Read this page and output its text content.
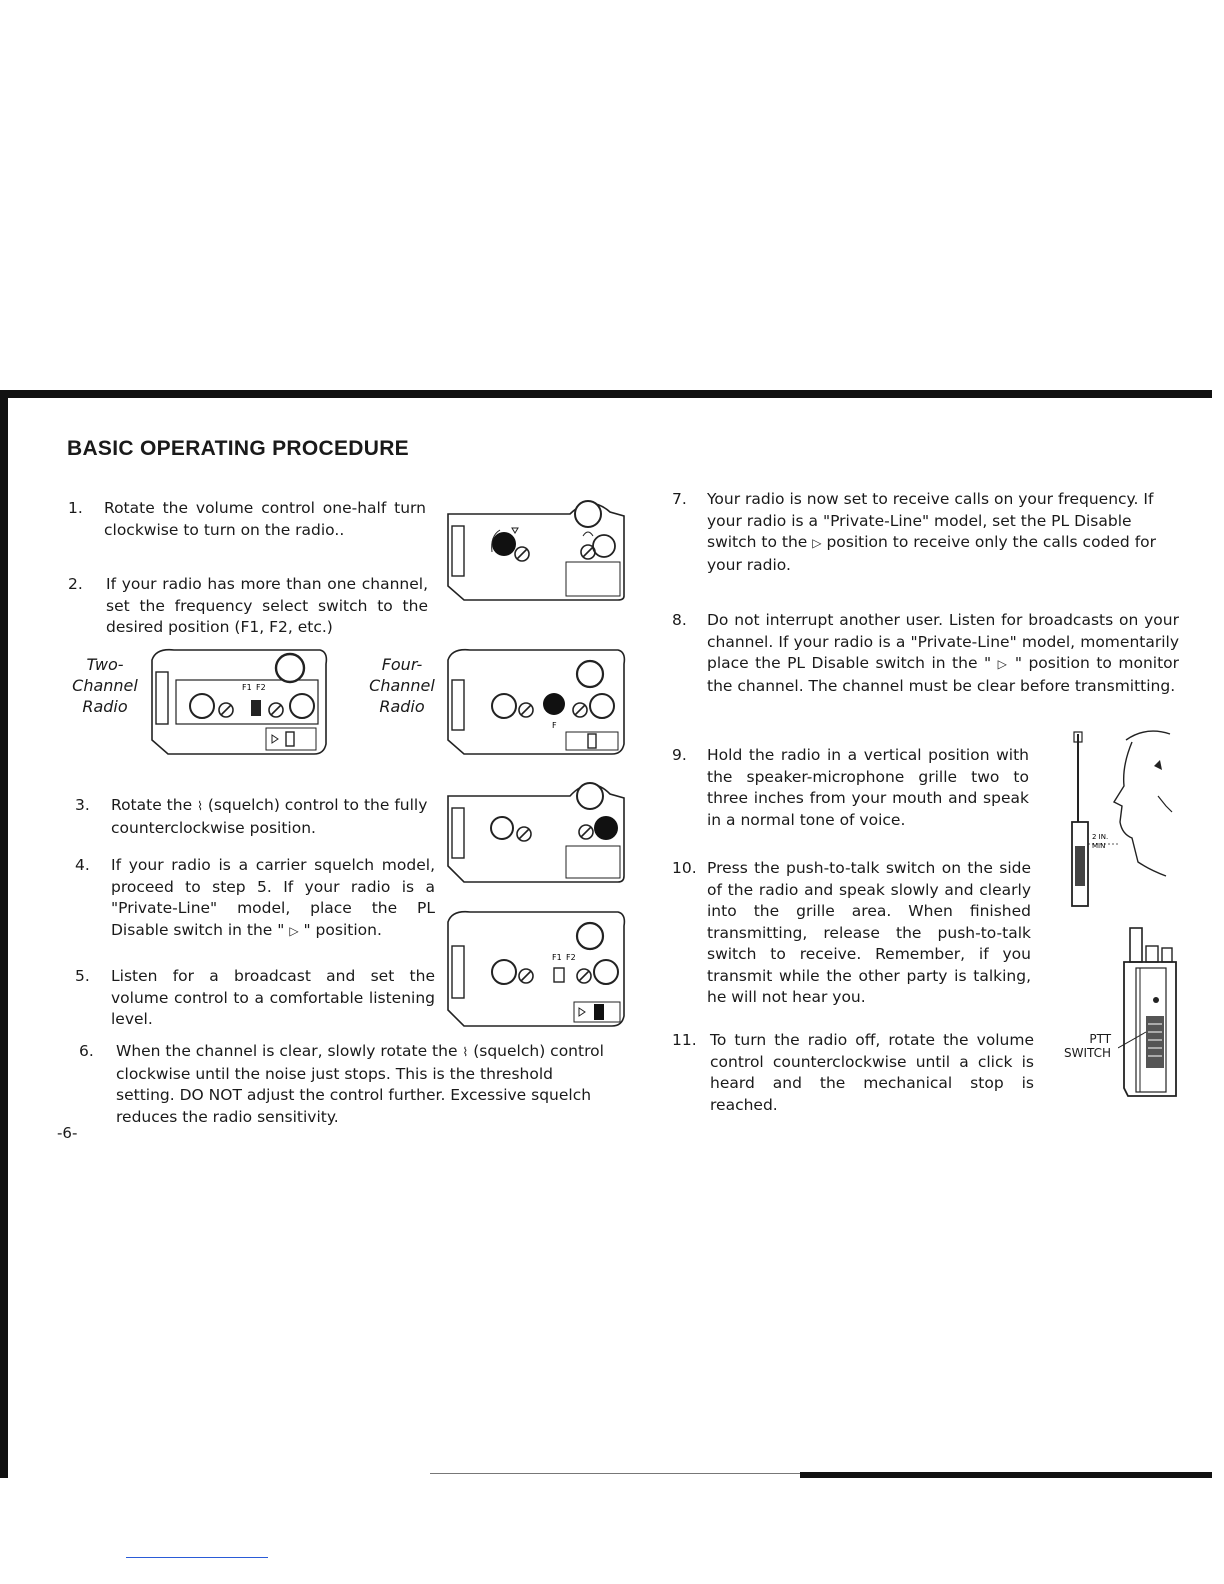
BASIC OPERATING PROCEDURE
1.	Rotate the volume control one-half turn clockwise to turn on the radio..
2.	If your radio has more than one channel, set the frequency select switch to the desired position (F1, F2, etc.)
Two-
Channel
Radio
Four-
Channel
Radio
3.	Rotate the ⌇ (squelch) control to the fully counterclockwise position.
4.	If your radio is a carrier squelch model, proceed to step 5. If your radio is a "Private-Line" model, place the PL Disable switch in the " ▷ " position.
5.	Listen for a broadcast and set the volume control to a comfortable listening level.
6.	When the channel is clear, slowly rotate the ⌇ (squelch) control clockwise until the noise just stops. This is the threshold setting. DO NOT adjust the control further. Excessive squelch reduces the radio sensitivity.
-6-
7.	Your radio is now set to receive calls on your frequency. If your radio is a "Private-Line" model, set the PL Disable switch to the ▷ position to receive only the calls coded for your radio.
8.	Do not interrupt another user. Listen for broadcasts on your channel. If your radio is a "Private-Line" model, momentarily place the PL Disable switch in the " ▷ " position to monitor the channel. The channel must be clear before transmitting.
9.	Hold the radio in a vertical position with the speaker-microphone grille two to three inches from your mouth and speak in a normal tone of voice.
10. Press the push-to-talk switch on the side of the radio and speak slowly and clearly into the grille area. When finished transmitting, release the push-to-talk switch to receive. Remember, if you transmit while the other party is talking, he will not hear you.
11. To turn the radio off, rotate the volume control counterclockwise until a click is heard and the mechanical stop is reached.
F1 F2
F
F1 F2
2 IN.
MIN
PTT
SWITCH
